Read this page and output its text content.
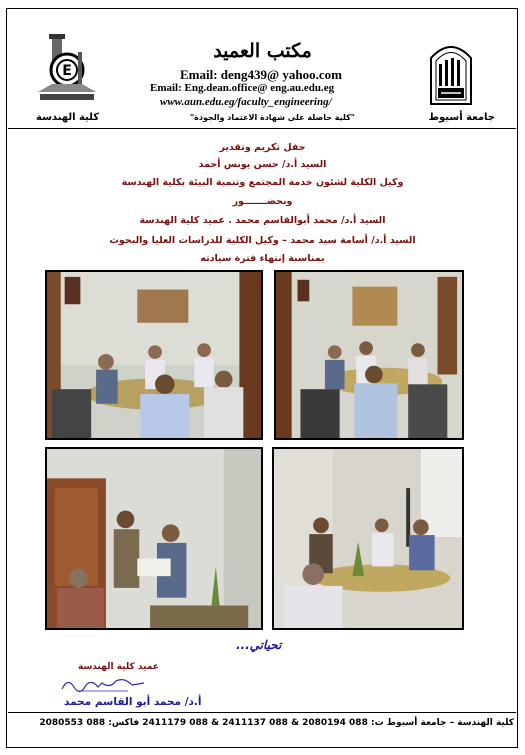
E
مكتب العميد
Email: deng439@ yahoo.com
Email: Eng.dean.office@ eng.au.edu.eg
www.aun.edu.eg/faculty_engineering/
"كلية حاصلة على شهادة الاعتماد والجودة"	جامعة أسيوط
كلية الهندسة
حفل تكريم وتقدير
السيد أ.د/ حسن يونس أحمد
وكيل الكلية لشئون خدمة المجتمع وتنمية البيئة بكلية الهندسة
وبحضـــــــور
السيد أ.د/ محمد أبوالقاسم محمد . عميد كلية الهندسة
السيد أ.د/ أسامة سيد محمد – وكيل الكلية للدراسات العليا والبحوث
بمناسبة إنتهاء فترة سيادته
تحياتي...
عميد كلية الهندسة
أ.د/ محمد أبو القاسم محمد
كلية الهندسة – جامعة أسيوط ت: 088 2080194 & 088 2411137 & 088 2411179 فاكس: 088 2080553
